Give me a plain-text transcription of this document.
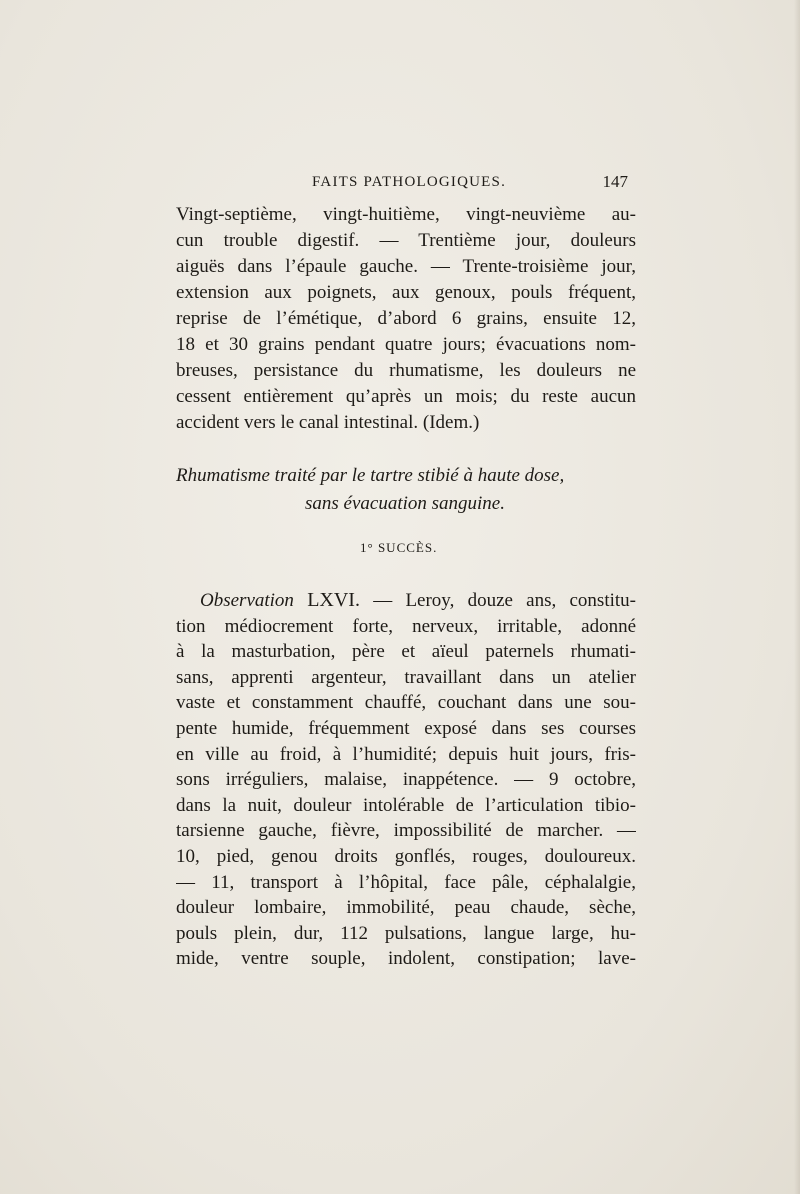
FAITS PATHOLOGIQUES.	147
Vingt-septième, vingt-huitième, vingt-neuvième au-
cun trouble digestif. — Trentième jour, douleurs
aiguës dans l’épaule gauche. — Trente-troisième jour,
extension aux poignets, aux genoux, pouls fréquent,
reprise de l’émétique, d’abord 6 grains, ensuite 12,
18 et 30 grains pendant quatre jours; évacuations nom-
breuses, persistance du rhumatisme, les douleurs ne
cessent entièrement qu’après un mois; du reste aucun
accident vers le canal intestinal. (Idem.)
Rhumatisme traité par le tartre stibié à haute dose,
sans évacuation sanguine.
1° SUCCÈS.
Observation LXVI. — Leroy, douze ans, constitu-
tion médiocrement forte, nerveux, irritable, adonné
à la masturbation, père et aïeul paternels rhumati-
sans, apprenti argenteur, travaillant dans un atelier
vaste et constamment chauffé, couchant dans une sou-
pente humide, fréquemment exposé dans ses courses
en ville au froid, à l’humidité; depuis huit jours, fris-
sons irréguliers, malaise, inappétence. — 9 octobre,
dans la nuit, douleur intolérable de l’articulation tibio-
tarsienne gauche, fièvre, impossibilité de marcher. —
10, pied, genou droits gonflés, rouges, douloureux.
— 11, transport à l’hôpital, face pâle, céphalalgie,
douleur lombaire, immobilité, peau chaude, sèche,
pouls plein, dur, 112 pulsations, langue large, hu-
mide, ventre souple, indolent, constipation; lave-
